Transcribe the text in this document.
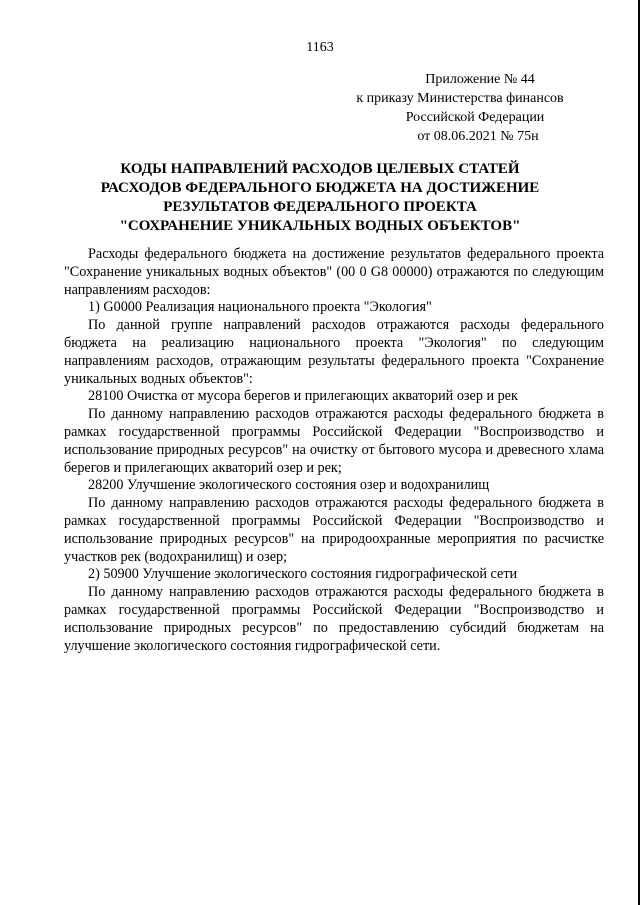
1163
Приложение № 44
к приказу Министерства финансов
Российской Федерации
от 08.06.2021 № 75н
КОДЫ НАПРАВЛЕНИЙ РАСХОДОВ ЦЕЛЕВЫХ СТАТЕЙ
РАСХОДОВ ФЕДЕРАЛЬНОГО БЮДЖЕТА НА ДОСТИЖЕНИЕ
РЕЗУЛЬТАТОВ ФЕДЕРАЛЬНОГО ПРОЕКТА
"СОХРАНЕНИЕ УНИКАЛЬНЫХ ВОДНЫХ ОБЪЕКТОВ"

Расходы федерального бюджета на достижение результатов федерального проекта "Сохранение уникальных водных объектов" (00 0 G8 00000) отражаются по следующим направлениям расходов:

1) G0000 Реализация национального проекта "Экология"

По данной группе направлений расходов отражаются расходы федерального бюджета на реализацию национального проекта "Экология" по следующим направлениям расходов, отражающим результаты федерального проекта "Сохранение уникальных водных объектов":

28100 Очистка от мусора берегов и прилегающих акваторий озер и рек

По данному направлению расходов отражаются расходы федерального бюджета в рамках государственной программы Российской Федерации "Воспроизводство и использование природных ресурсов" на очистку от бытового мусора и древесного хлама берегов и прилегающих акваторий озер и рек;

28200 Улучшение экологического состояния озер и водохранилищ

По данному направлению расходов отражаются расходы федерального бюджета в рамках государственной программы Российской Федерации "Воспроизводство и использование природных ресурсов" на природоохранные мероприятия по расчистке участков рек (водохранилищ) и озер;

2) 50900 Улучшение экологического состояния гидрографической сети

По данному направлению расходов отражаются расходы федерального бюджета в рамках государственной программы Российской Федерации "Воспроизводство и использование природных ресурсов" по предоставлению субсидий бюджетам на улучшение экологического состояния гидрографической сети.
